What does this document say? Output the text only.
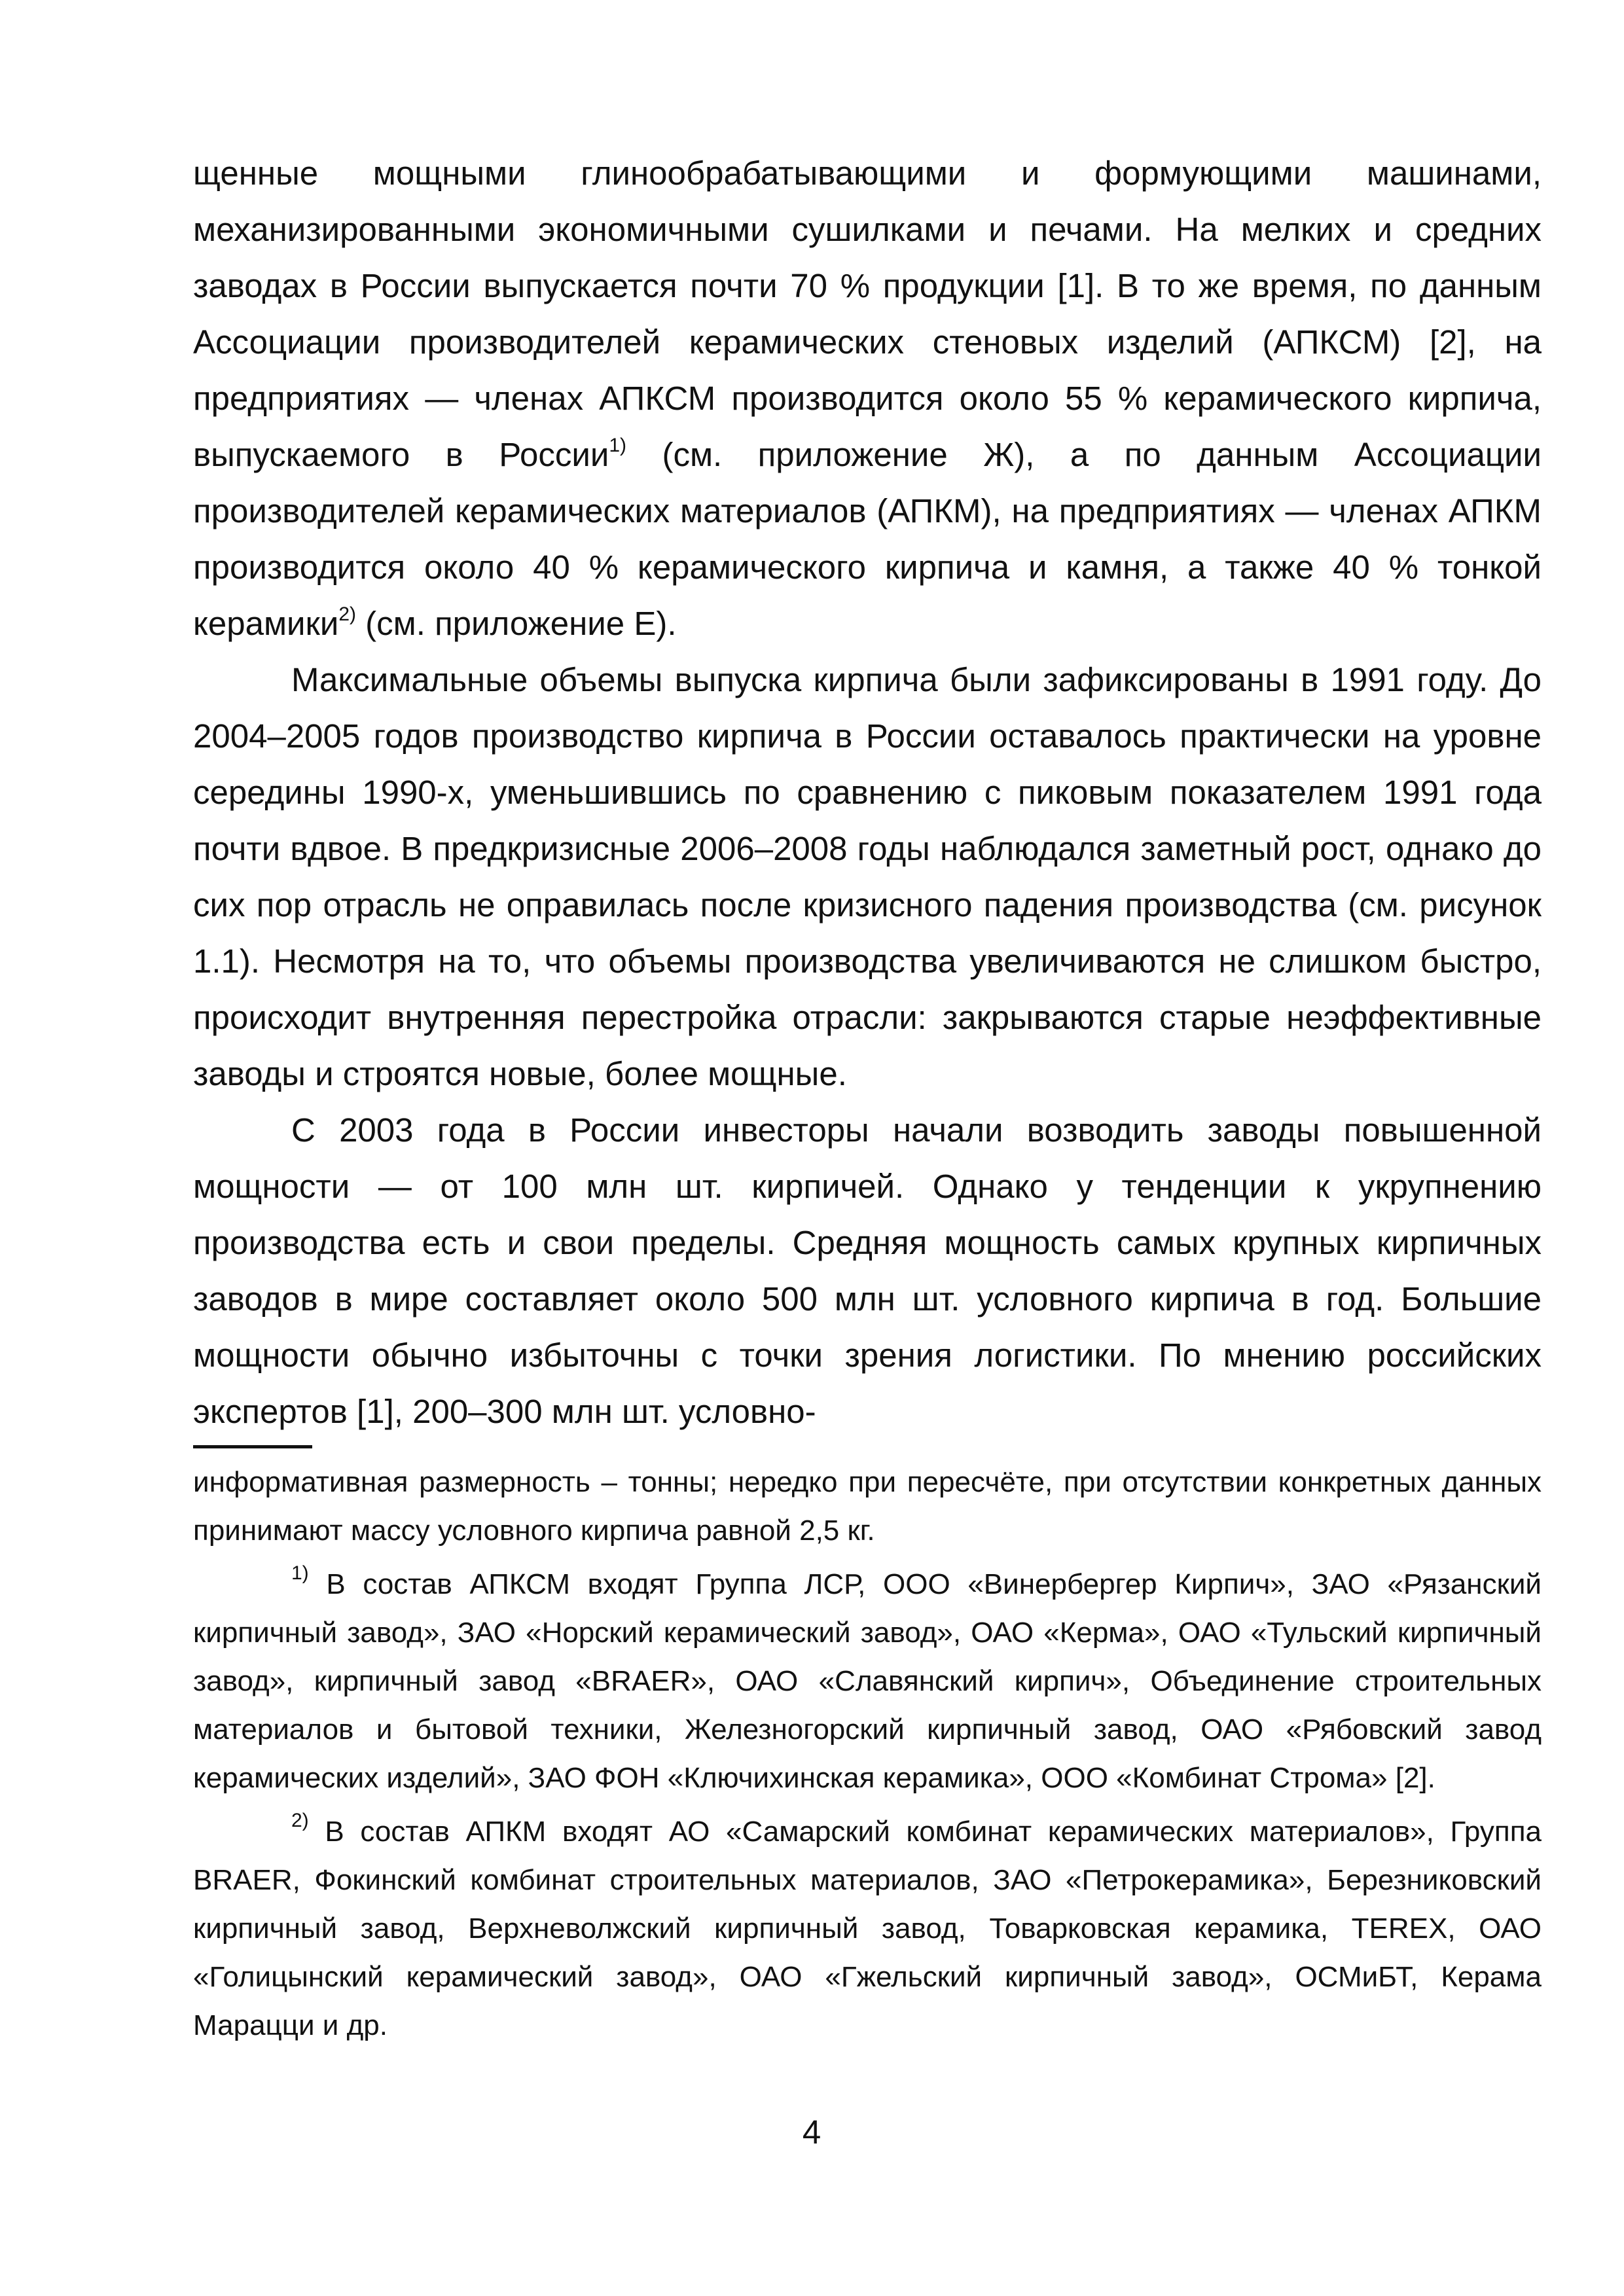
щенные мощными глинообрабатывающими и формующими машинами, механизированными экономичными сушилками и печами. На мелких и средних заводах в России выпускается почти 70 % продукции [1]. В то же время, по данным Ассоциации производителей керамических стеновых изделий (АПКСМ) [2], на предприятиях — членах АПКСМ производится около 55 % керамического кирпича, выпускаемого в России$^{1)}$ (см. приложение Ж), а по данным Ассоциации производителей керамических материалов (АПКМ), на предприятиях — членах АПКМ производится около 40 % керамического кирпича и камня, а также 40 % тонкой керамики$^{2)}$ (см. приложение Е).

Максимальные объемы выпуска кирпича были зафиксированы в 1991 году. До 2004–2005 годов производство кирпича в России оставалось практически на уровне середины 1990-х, уменьшившись по сравнению с пиковым показателем 1991 года почти вдвое. В предкризисные 2006–2008 годы наблюдался заметный рост, однако до сих пор отрасль не оправилась после кризисного падения производства (см. рисунок 1.1). Несмотря на то, что объемы производства увеличиваются не слишком быстро, происходит внутренняя перестройка отрасли: закрываются старые неэффективные заводы и строятся новые, более мощные.

С 2003 года в России инвесторы начали возводить заводы повышенной мощности — от 100 млн шт. кирпичей. Однако у тенденции к укрупнению производства есть и свои пределы. Средняя мощность самых крупных кирпичных заводов в мире составляет около 500 млн шт. условного кирпича в год. Большие мощности обычно избыточны с точки зрения логистики. По мнению российских экспертов [1], 200–300 млн шт. условно-

информативная размерность – тонны; нередко при пересчёте, при отсутствии конкретных данных принимают массу условного кирпича равной 2,5 кг.

$^{1)}$ В состав АПКСМ входят Группа ЛСР, ООО «Винербергер Кирпич», ЗАО «Рязанский кирпичный завод», ЗАО «Норский керамический завод», ОАО «Керма», ОАО «Тульский кирпичный завод», кирпичный завод «BRAER», ОАО «Славянский кирпич», Объединение строительных материалов и бытовой техники, Железногорский кирпичный завод, ОАО «Рябовский завод керамических изделий», ЗАО ФОН «Ключихинская керамика», ООО «Комбинат Строма» [2].

$^{2)}$ В состав АПКМ входят АО «Самарский комбинат керамических материалов», Группа BRAER, Фокинский комбинат строительных материалов, ЗАО «Петрокерамика», Березниковский кирпичный завод, Верхневолжский кирпичный завод, Товарковская керамика, TEREX, ОАО «Голицынский керамический завод», ОАО «Гжельский кирпичный завод», ОСМиБТ, Керама Марацци и др.

4
